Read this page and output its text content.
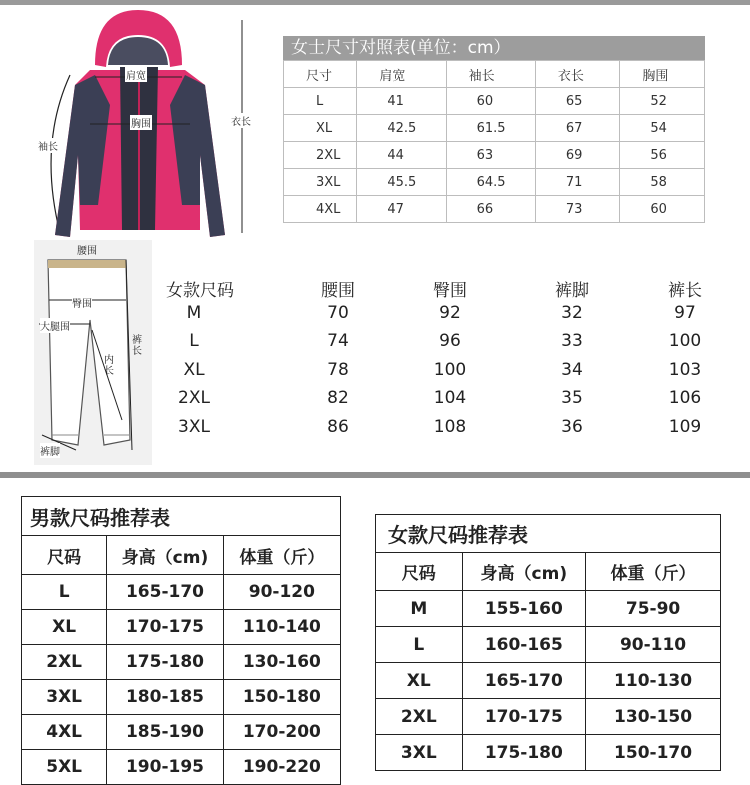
肩宽
胸围
袖长
衣长
腰围
臀围
大腿围
裤长
内长
裤脚
女士尺寸对照表(单位：cm）
尺寸	肩宽	袖长	衣长	胸围
L	41	60	65	52
XL	42.5	61.5	67	54
2XL	44	63	69	56
3XL	45.5	64.5	71	58
4XL	47	66	73	60
女款尺码	腰围	臀围	裤脚	裤长
M	70	92	32	97
L	74	96	33	100
XL	78	100	34	103
2XL	82	104	35	106
3XL	86	108	36	109
男款尺码推荐表		
尺码	身高（cm)	体重（斤）
L	165-170	90-120
XL	170-175	110-140
2XL	175-180	130-160
3XL	180-185	150-180
4XL	185-190	170-200
5XL	190-195	190-220
女款尺码推荐表		
尺码	身高（cm)	体重（斤）
M	155-160	75-90
L	160-165	90-110
XL	165-170	110-130
2XL	170-175	130-150
3XL	175-180	150-170
